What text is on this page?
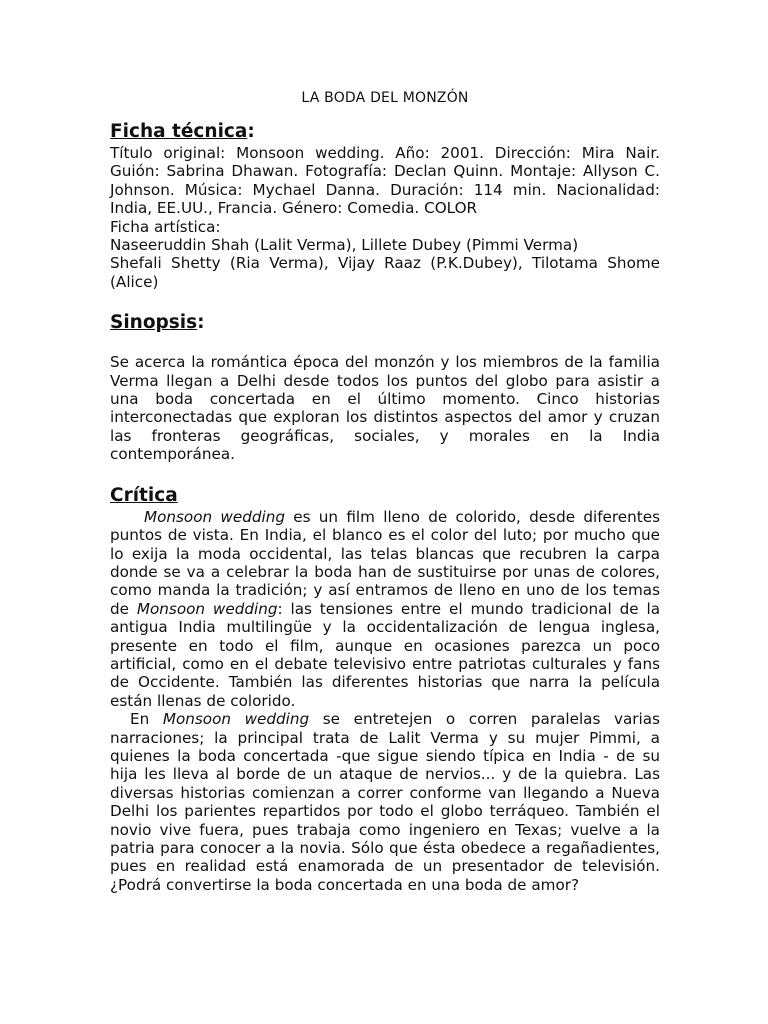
LA BODA DEL MONZÓN

Ficha técnica:

Título original: Monsoon wedding. Año: 2001. Dirección: Mira Nair. Guión: Sabrina Dhawan. Fotografía: Declan Quinn. Montaje: Allyson C. Johnson. Música: Mychael Danna. Duración: 114 min. Nacionalidad: India, EE.UU., Francia. Género: Comedia. COLOR

Ficha artística:

Naseeruddin Shah (Lalit Verma), Lillete Dubey (Pimmi Verma)

Shefali Shetty (Ria Verma), Vijay Raaz (P.K.Dubey), Tilotama Shome (Alice)

Sinopsis:

Se acerca la romántica época del monzón y los miembros de la familia Verma llegan a Delhi desde todos los puntos del globo para asistir a una boda concertada en el último momento. Cinco historias interconectadas que exploran los distintos aspectos del amor y cruzan las fronteras geográficas, sociales, y morales en la India contemporánea.

Crítica

Monsoon wedding es un film lleno de colorido, desde diferentes puntos de vista. En India, el blanco es el color del luto; por mucho que lo exija la moda occidental, las telas blancas que recubren la carpa donde se va a celebrar la boda han de sustituirse por unas de colores, como manda la tradición; y así entramos de lleno en uno de los temas de Monsoon wedding: las tensiones entre el mundo tradicional de la antigua India multilingüe y la occidentalización de lengua inglesa, presente en todo el film, aunque en ocasiones parezca un poco artificial, como en el debate televisivo entre patriotas culturales y fans de Occidente. También las diferentes historias que narra la película están llenas de colorido.

En Monsoon wedding se entretejen o corren paralelas varias narraciones; la principal trata de Lalit Verma y su mujer Pimmi, a quienes la boda concertada -que sigue siendo típica en India - de su hija les lleva al borde de un ataque de nervios... y de la quiebra. Las diversas historias comienzan a correr conforme van llegando a Nueva Delhi los parientes repartidos por todo el globo terráqueo. También el novio vive fuera, pues trabaja como ingeniero en Texas; vuelve a la patria para conocer a la novia. Sólo que ésta obedece a regañadientes, pues en realidad está enamorada de un presentador de televisión. ¿Podrá convertirse la boda concertada en una boda de amor?
